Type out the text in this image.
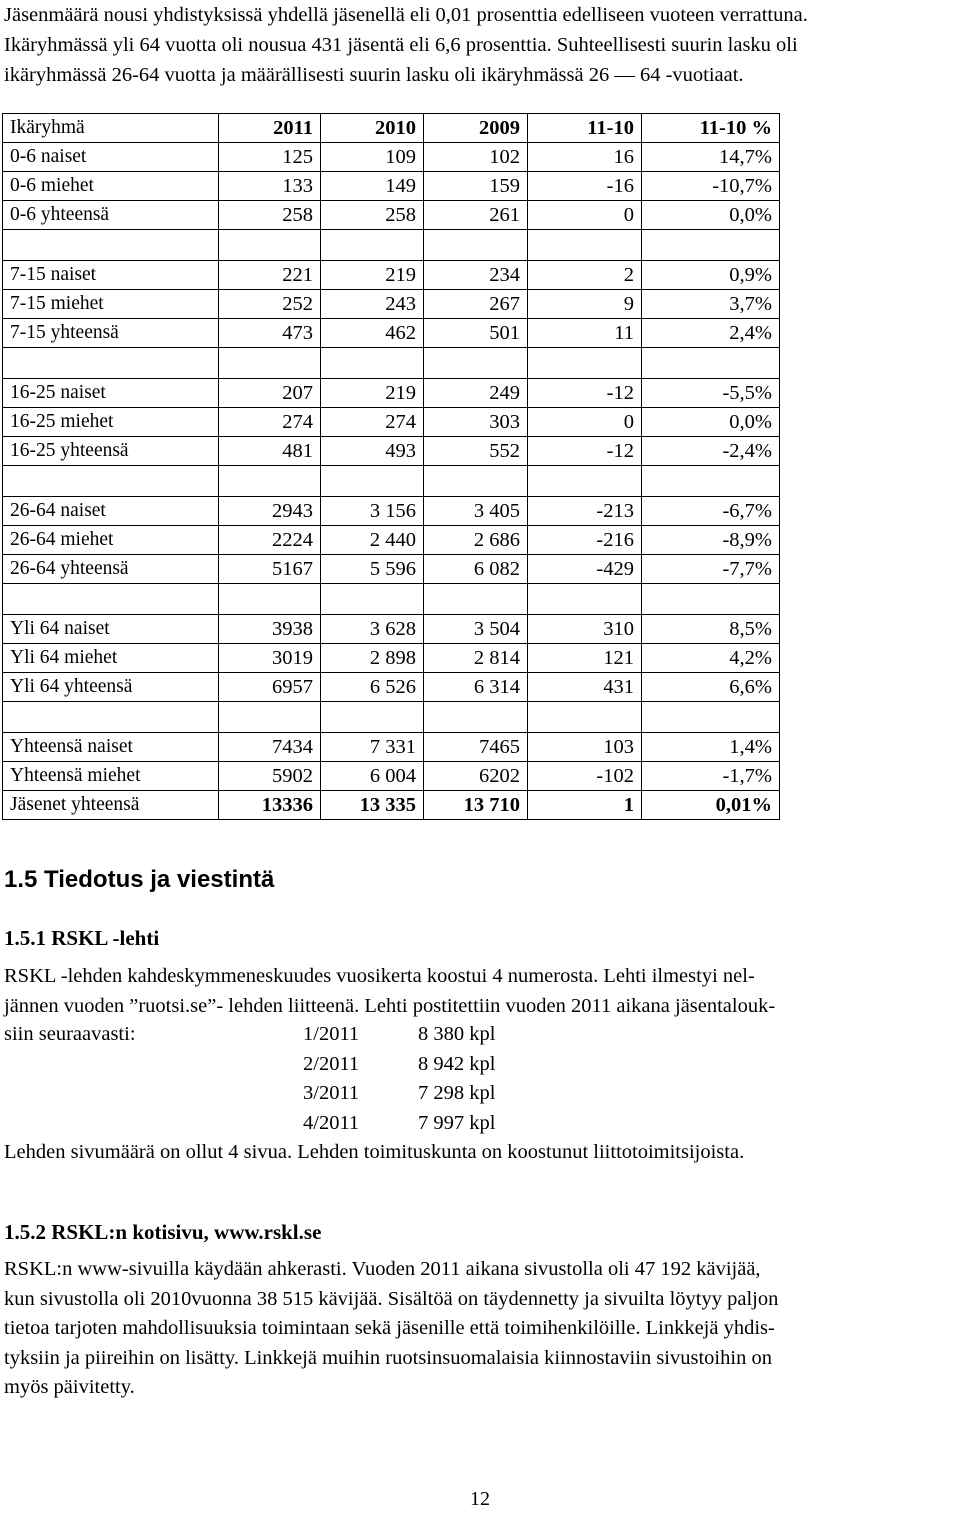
Jäsenmäärä nousi yhdistyksissä yhdellä jäsenellä eli 0,01 prosenttia edelliseen vuoteen verrattuna.
Ikäryhmässä yli 64 vuotta oli nousua 431 jäsentä eli 6,6 prosenttia. Suhteellisesti suurin lasku oli
ikäryhmässä 26-64 vuotta ja määrällisesti suurin lasku oli ikäryhmässä 26 — 64 -vuotiaat.
Ikäryhmä	2011	2010	2009	11-10	11-10 %
0-6 naiset	125	109	102	16	14,7%
0-6 miehet	133	149	159	-16	-10,7%
0-6 yhteensä	258	258	261	0	0,0%

7-15 naiset	221	219	234	2	0,9%
7-15 miehet	252	243	267	9	3,7%
7-15 yhteensä	473	462	501	11	2,4%

16-25 naiset	207	219	249	-12	-5,5%
16-25 miehet	274	274	303	0	0,0%
16-25 yhteensä	481	493	552	-12	-2,4%

26-64 naiset	2943	3 156	3 405	-213	-6,7%
26-64 miehet	2224	2 440	2 686	-216	-8,9%
26-64 yhteensä	5167	5 596	6 082	-429	-7,7%

Yli 64 naiset	3938	3 628	3 504	310	8,5%
Yli 64 miehet	3019	2 898	2 814	121	4,2%
Yli 64 yhteensä	6957	6 526	6 314	431	6,6%

Yhteensä naiset	7434	7 331	7465	103	1,4%
Yhteensä miehet	5902	6 004	6202	-102	-1,7%
Jäsenet yhteensä	13336	13 335	13 710	1	0,01%
1.5 Tiedotus ja viestintä
1.5.1 RSKL -lehti
RSKL -lehden kahdeskymmeneskuudes vuosikerta koostui 4 numerosta. Lehti ilmestyi nel-
jännen vuoden ”ruotsi.se”- lehden liitteenä. Lehti postitettiin vuoden 2011 aikana jäsentalouk-
siin seuraavasti:	1/2011	8 380 kpl
2/2011	8 942 kpl
3/2011	7 298 kpl
4/2011	7 997 kpl
Lehden sivumäärä on ollut 4 sivua. Lehden toimituskunta on koostunut liittotoimitsijoista.
1.5.2 RSKL:n kotisivu, www.rskl.se
RSKL:n www-sivuilla käydään ahkerasti. Vuoden 2011 aikana sivustolla oli 47 192 kävijää,
kun sivustolla oli 2010vuonna 38 515 kävijää. Sisältöä on täydennetty ja sivuilta löytyy paljon
tietoa tarjoten mahdollisuuksia toimintaan sekä jäsenille että toimihenkilöille. Linkkejä yhdis-
tyksiin ja piireihin on lisätty. Linkkejä muihin ruotsinsuomalaisia kiinnostaviin sivustoihin on
myös päivitetty.
12
